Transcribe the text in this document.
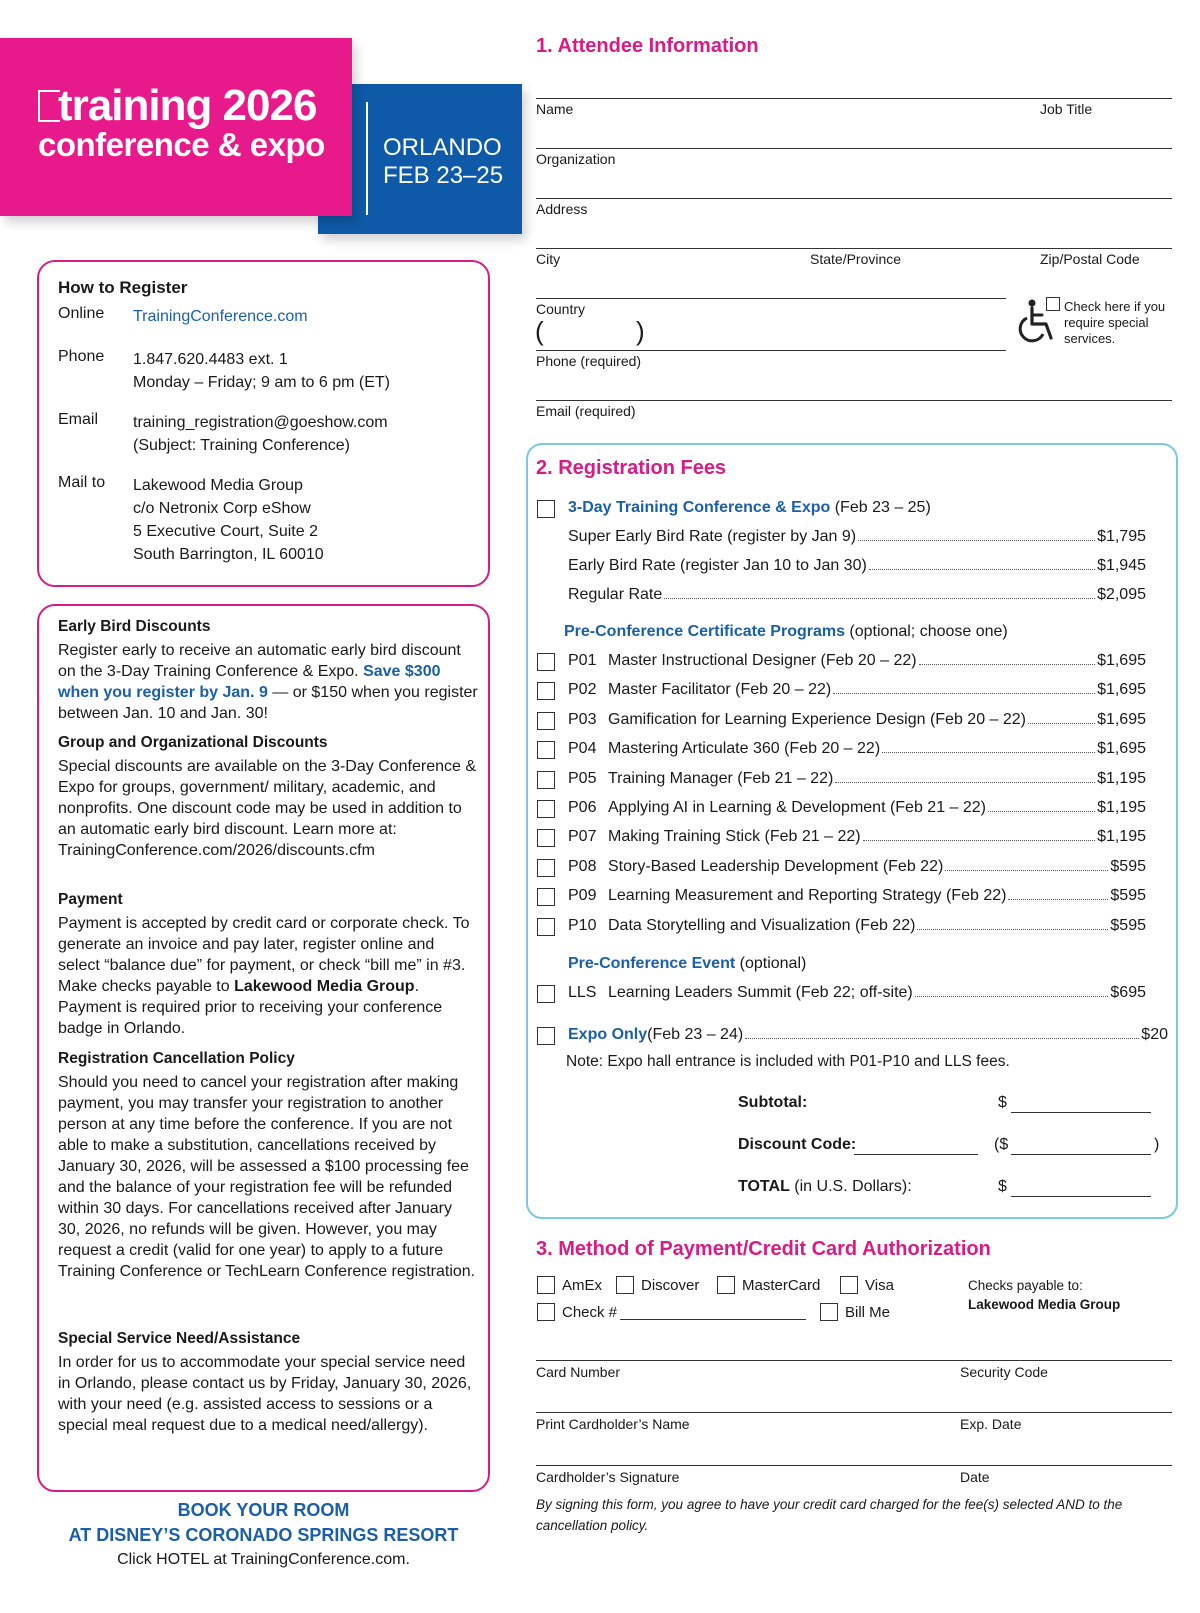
training 2026
conference & expo ORLANDO
FEB 23–25
How to Register
Online TrainingConference.com
Phone 1.847.620.4483 ext. 1
Monday – Friday; 9 am to 6 pm (ET)
Email training_registration@goeshow.com
(Subject: Training Conference)
Mail to Lakewood Media Group
c/o Netronix Corp eShow
5 Executive Court, Suite 2
South Barrington, IL 60010
Early Bird Discounts
Register early to receive an automatic early bird discount on the 3-Day Training Conference & Expo. Save $300 when you register by Jan. 9 — or $150 when you register between Jan. 10 and Jan. 30!
Group and Organizational Discounts
Special discounts are available on the 3-Day Conference & Expo for groups, government/ military, academic, and nonprofits. One discount code may be used in addition to an automatic early bird discount. Learn more at: TrainingConference.com/2026/discounts.cfm
Payment
Payment is accepted by credit card or corporate check. To generate an invoice and pay later, register online and select “balance due” for payment, or check “bill me” in #3. Make checks payable to Lakewood Media Group. Payment is required prior to receiving your conference badge in Orlando.
Registration Cancellation Policy
Should you need to cancel your registration after making payment, you may transfer your registration to another person at any time before the conference. If you are not able to make a substitution, cancellations received by January 30, 2026, will be assessed a $100 processing fee and the balance of your registration fee will be refunded within 30 days. For cancellations received after January 30, 2026, no refunds will be given. However, you may request a credit (valid for one year) to apply to a future Training Conference or TechLearn Conference registration.
Special Service Need/Assistance
In order for us to accommodate your special service need in Orlando, please contact us by Friday, January 30, 2026, with your need (e.g. assisted access to sessions or a special meal request due to a medical need/allergy).
BOOK YOUR ROOM
AT DISNEY’S CORONADO SPRINGS RESORT
Click HOTEL at TrainingConference.com.
1. Attendee Information
Name	Job Title
Organization
Address
City	State/Province	Zip/Postal Code
Country
(	)
Phone (required)
Check here if you require special services.
Email (required)
2. Registration Fees
3-Day Training Conference & Expo (Feb 23 – 25)
Super Early Bird Rate (register by Jan 9)	$1,795
Early Bird Rate (register Jan 10 to Jan 30)	$1,945
Regular Rate	$2,095
Pre-Conference Certificate Programs (optional; choose one)
P01 Master Instructional Designer (Feb 20 – 22)	$1,695
P02 Master Facilitator (Feb 20 – 22)	$1,695
P03 Gamification for Learning Experience Design (Feb 20 – 22)	$1,695
P04 Mastering Articulate 360 (Feb 20 – 22)	$1,695
P05 Training Manager (Feb 21 – 22)	$1,195
P06 Applying AI in Learning & Development (Feb 21 – 22)	$1,195
P07 Making Training Stick (Feb 21 – 22)	$1,195
P08 Story-Based Leadership Development (Feb 22)	$595
P09 Learning Measurement and Reporting Strategy (Feb 22)	$595
P10 Data Storytelling and Visualization (Feb 22)	$595
Pre-Conference Event (optional)
LLS Learning Leaders Summit (Feb 22; off-site)	$695
Expo Only (Feb 23 – 24)	$20
Note: Expo hall entrance is included with P01-P10 and LLS fees.
Subtotal:	$
Discount Code:	($	)
TOTAL (in U.S. Dollars):	$
3. Method of Payment/Credit Card Authorization
AmEx	Discover	MasterCard	Visa
Check #	Bill Me
Checks payable to:
Lakewood Media Group
Card Number	Security Code
Print Cardholder’s Name	Exp. Date
Cardholder’s Signature	Date
By signing this form, you agree to have your credit card charged for the fee(s) selected AND to the cancellation policy.
